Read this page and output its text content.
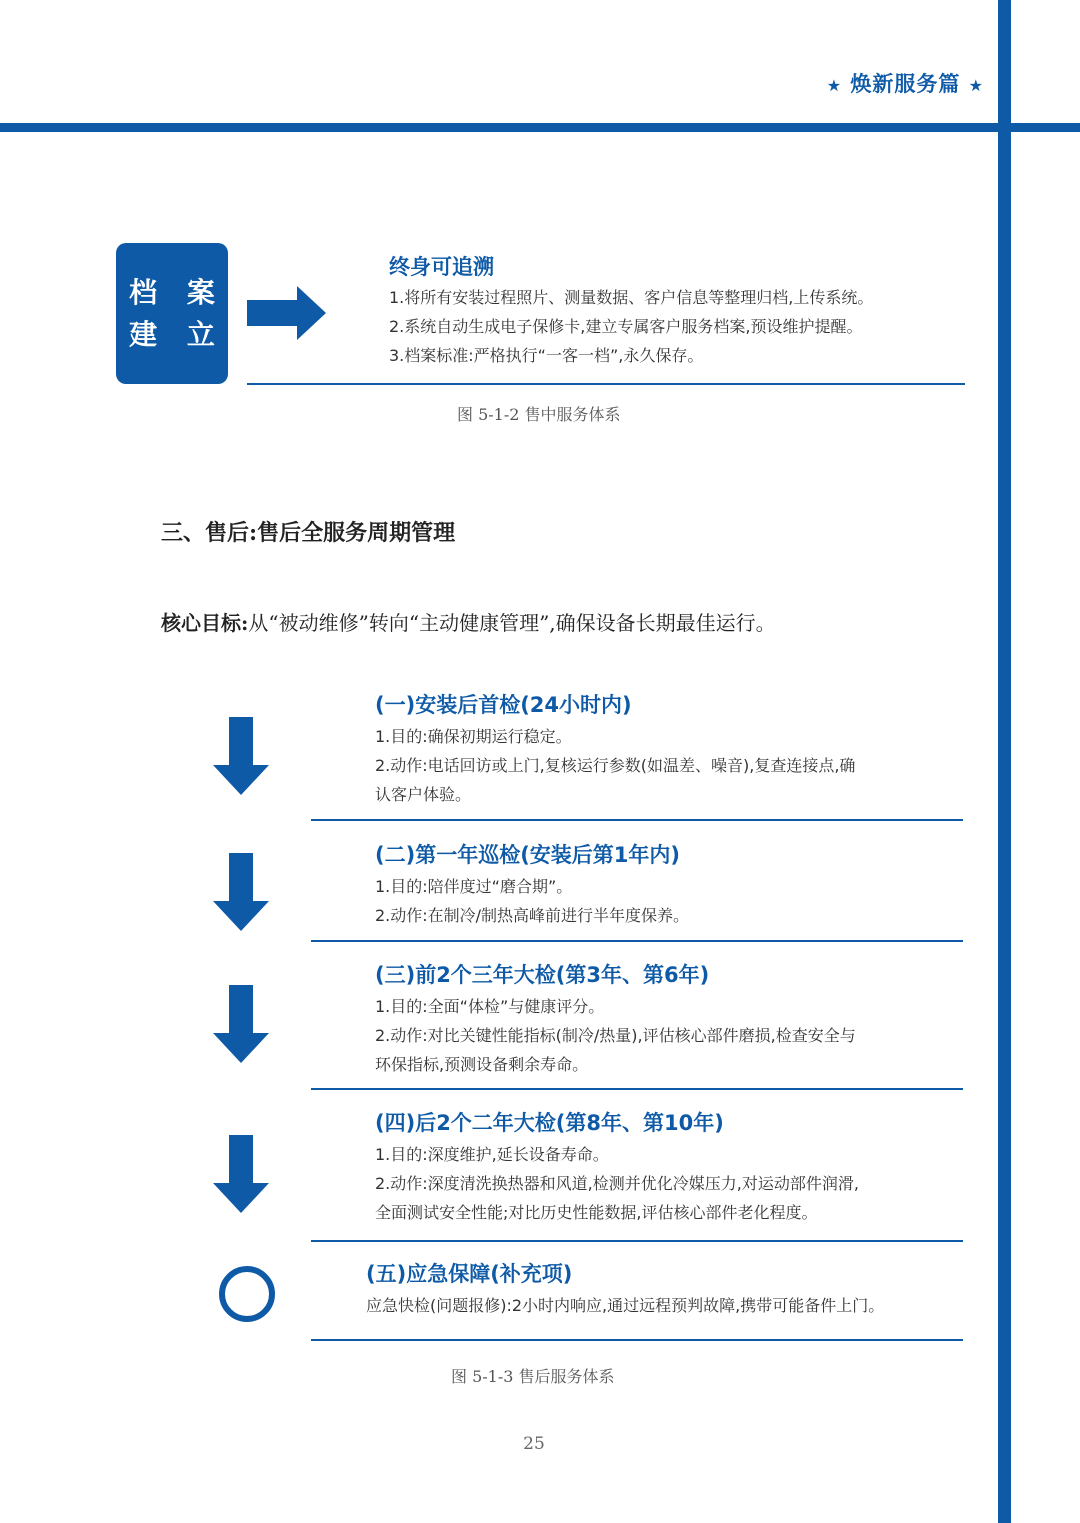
★ 焕新服务篇 ★
档 案
建 立
终身可追溯
1.将所有安装过程照片、测量数据、客户信息等整理归档,上传系统。
2.系统自动生成电子保修卡,建立专属客户服务档案,预设维护提醒。
3.档案标准:严格执行“一客一档”,永久保存。
图 5-1-2 售中服务体系
三、售后:售后全服务周期管理
核心目标:从“被动维修”转向“主动健康管理”,确保设备长期最佳运行。
(一)安装后首检(24小时内)
1.目的:确保初期运行稳定。
2.动作:电话回访或上门,复核运行参数(如温差、噪音),复查连接点,确
认客户体验。
(二)第一年巡检(安装后第1年内)
1.目的:陪伴度过“磨合期”。
2.动作:在制冷/制热高峰前进行半年度保养。
(三)前2个三年大检(第3年、第6年)
1.目的:全面“体检”与健康评分。
2.动作:对比关键性能指标(制冷/热量),评估核心部件磨损,检查安全与
环保指标,预测设备剩余寿命。
(四)后2个二年大检(第8年、第10年)
1.目的:深度维护,延长设备寿命。
2.动作:深度清洗换热器和风道,检测并优化冷媒压力,对运动部件润滑,
全面测试安全性能;对比历史性能数据,评估核心部件老化程度。
(五)应急保障(补充项)
应急快检(问题报修):2小时内响应,通过远程预判故障,携带可能备件上门。
图 5-1-3 售后服务体系
25
